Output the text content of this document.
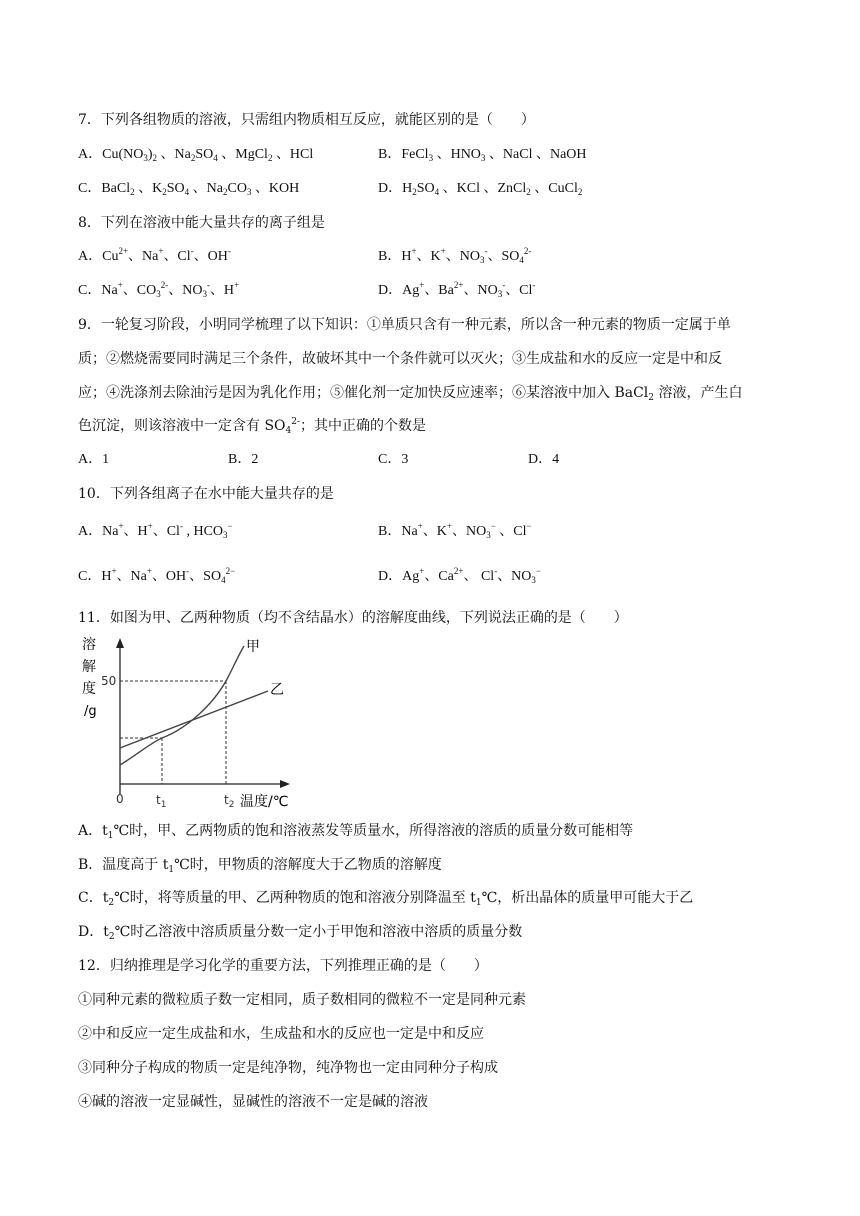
7．下列各组物质的溶液，只需组内物质相互反应，就能区别的是（　　）
A．$Cu(NO_3)_2$ 、$Na_2SO_4$ 、MgCl$_2$ 、HCl	B．FeCl$_3$ 、$HNO_3$ 、NaCl 、NaOH
C．BaCl$_2$ 、$K_2SO_4$ 、$Na_2CO_3$ 、KOH	D．$H_2SO_4$ 、KCl 、ZnCl$_2$ 、CuCl$_2$
8．下列在溶液中能大量共存的离子组是
A．$Cu^{2+}$、Na+、Cl-、OH-	B．H+、K+、$NO_3^-$、$SO_4^{2-}$
C．Na+、$CO_3^{2-}$、$NO_3^-$、H+	D．Ag+、$Ba^{2+}$、$NO_3^-$、Cl-
9．一轮复习阶段，小明同学梳理了以下知识：①单质只含有一种元素，所以含一种元素的物质一定属于单
质；②燃烧需要同时满足三个条件，故破坏其中一个条件就可以灭火；③生成盐和水的反应一定是中和反
应；④洗涤剂去除油污是因为乳化作用；⑤催化剂一定加快反应速率；⑥某溶液中加入 BaCl$_2$ 溶液，产生白
色沉淀，则该溶液中一定含有 $SO_4^{2-}$；其中正确的个数是
A．1	B．2	C．3	D．4
10．下列各组离子在水中能大量共存的是
A．Na+、H+、Cl- , $HCO_3^-$	B．Na+、K+、$NO_3^-$ 、Cl−
C．H+、Na+、OH-、$SO_4^{2-}$	D．Ag+、$Ca^{2+}$、 Cl-、$NO_3^-$
11．如图为甲、乙两种物质（均不含结晶水）的溶解度曲线，下列说法正确的是（　　）
溶
解
度
/g
50
0	$t_1$	$t_2$ 温度/℃
甲
乙
A．$t_1℃$时，甲、乙两物质的饱和溶液蒸发等质量水，所得溶液的溶质的质量分数可能相等
B．温度高于 $t_1℃$时，甲物质的溶解度大于乙物质的溶解度
C．$t_2℃$时，将等质量的甲、乙两种物质的饱和溶液分别降温至 $t_1℃$，析出晶体的质量甲可能大于乙
D．$t_2℃$时乙溶液中溶质质量分数一定小于甲饱和溶液中溶质的质量分数
12．归纳推理是学习化学的重要方法，下列推理正确的是（　　）
①同种元素的微粒质子数一定相同，质子数相同的微粒不一定是同种元素
②中和反应一定生成盐和水，生成盐和水的反应也一定是中和反应
③同种分子构成的物质一定是纯净物，纯净物也一定由同种分子构成
④碱的溶液一定显碱性，显碱性的溶液不一定是碱的溶液
